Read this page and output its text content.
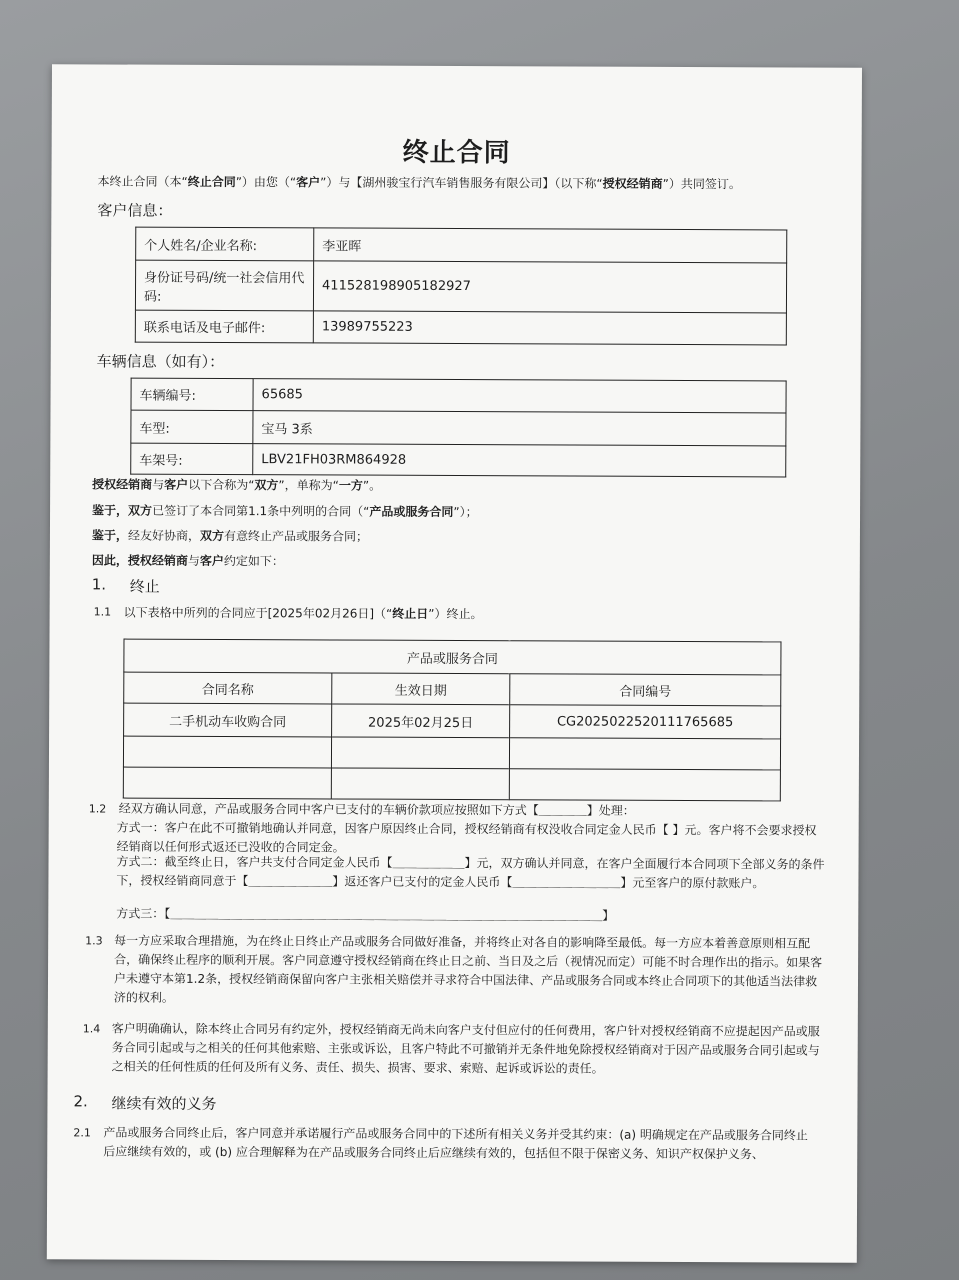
终止合同

本终止合同（本“终止合同”）由您（“客户”）与【湖州骏宝行汽车销售服务有限公司】（以下称“授权经销商”）共同签订。

客户信息：
个人姓名/企业名称:	李亚晖
身份证号码/统一社会信用代码:	411528198905182927
联系电话及电子邮件:	13989755223
车辆信息（如有）：
车辆编号:	65685
车型:	宝马 3系
车架号:	LBV21FH03RM864928

授权经销商与客户以下合称为“双方”，单称为“一方”。

鉴于，双方已签订了本合同第1.1条中列明的合同（“产品或服务合同”）；

鉴于，经友好协商，双方有意终止产品或服务合同；

因此，授权经销商与客户约定如下：

1. 终止
1.1 以下表格中所列的合同应于[2025年02月26日]（“终止日”）终止。

产品或服务合同		
合同名称	生效日期	合同编号
二手机动车收购合同	2025年02月25日	CG2025022520111765685

1.2 经双方确认同意，产品或服务合同中客户已支付的车辆价款项应按照如下方式【＿＿＿＿】处理：

方式一：客户在此不可撤销地确认并同意，因客户原因终止合同，授权经销商有权没收合同定金人民币【 】元。客户将不会要求授权经销商以任何形式返还已没收的合同定金。

方式二：截至终止日，客户共支付合同定金人民币【＿＿＿＿＿＿】元，双方确认并同意，在客户全面履行本合同项下全部义务的条件下，授权经销商同意于【＿＿＿＿＿＿＿】返还客户已支付的定金人民币【＿＿＿＿＿＿＿＿＿】元至客户的原付款账户。

方式三：【＿＿＿＿＿＿＿＿＿＿＿＿＿＿＿＿＿＿＿＿＿＿＿＿＿＿＿＿＿＿＿＿＿＿＿＿】

1.3 每一方应采取合理措施，为在终止日终止产品或服务合同做好准备，并将终止对各自的影响降至最低。每一方应本着善意原则相互配合，确保终止程序的顺利开展。客户同意遵守授权经销商在终止日之前、当日及之后（视情况而定）可能不时合理作出的指示。如果客户未遵守本第1.2条，授权经销商保留向客户主张相关赔偿并寻求符合中国法律、产品或服务合同或本终止合同项下的其他适当法律救济的权利。

1.4 客户明确确认，除本终止合同另有约定外，授权经销商无尚未向客户支付但应付的任何费用，客户针对授权经销商不应提起因产品或服务合同引起或与之相关的任何其他索赔、主张或诉讼，且客户特此不可撤销并无条件地免除授权经销商对于因产品或服务合同引起或与之相关的任何性质的任何及所有义务、责任、损失、损害、要求、索赔、起诉或诉讼的责任。

2. 继续有效的义务
2.1 产品或服务合同终止后，客户同意并承诺履行产品或服务合同中的下述所有相关义务并受其约束：(a) 明确规定在产品或服务合同终止后应继续有效的，或 (b) 应合理解释为在产品或服务合同终止后应继续有效的，包括但不限于保密义务、知识产权保护义务、
